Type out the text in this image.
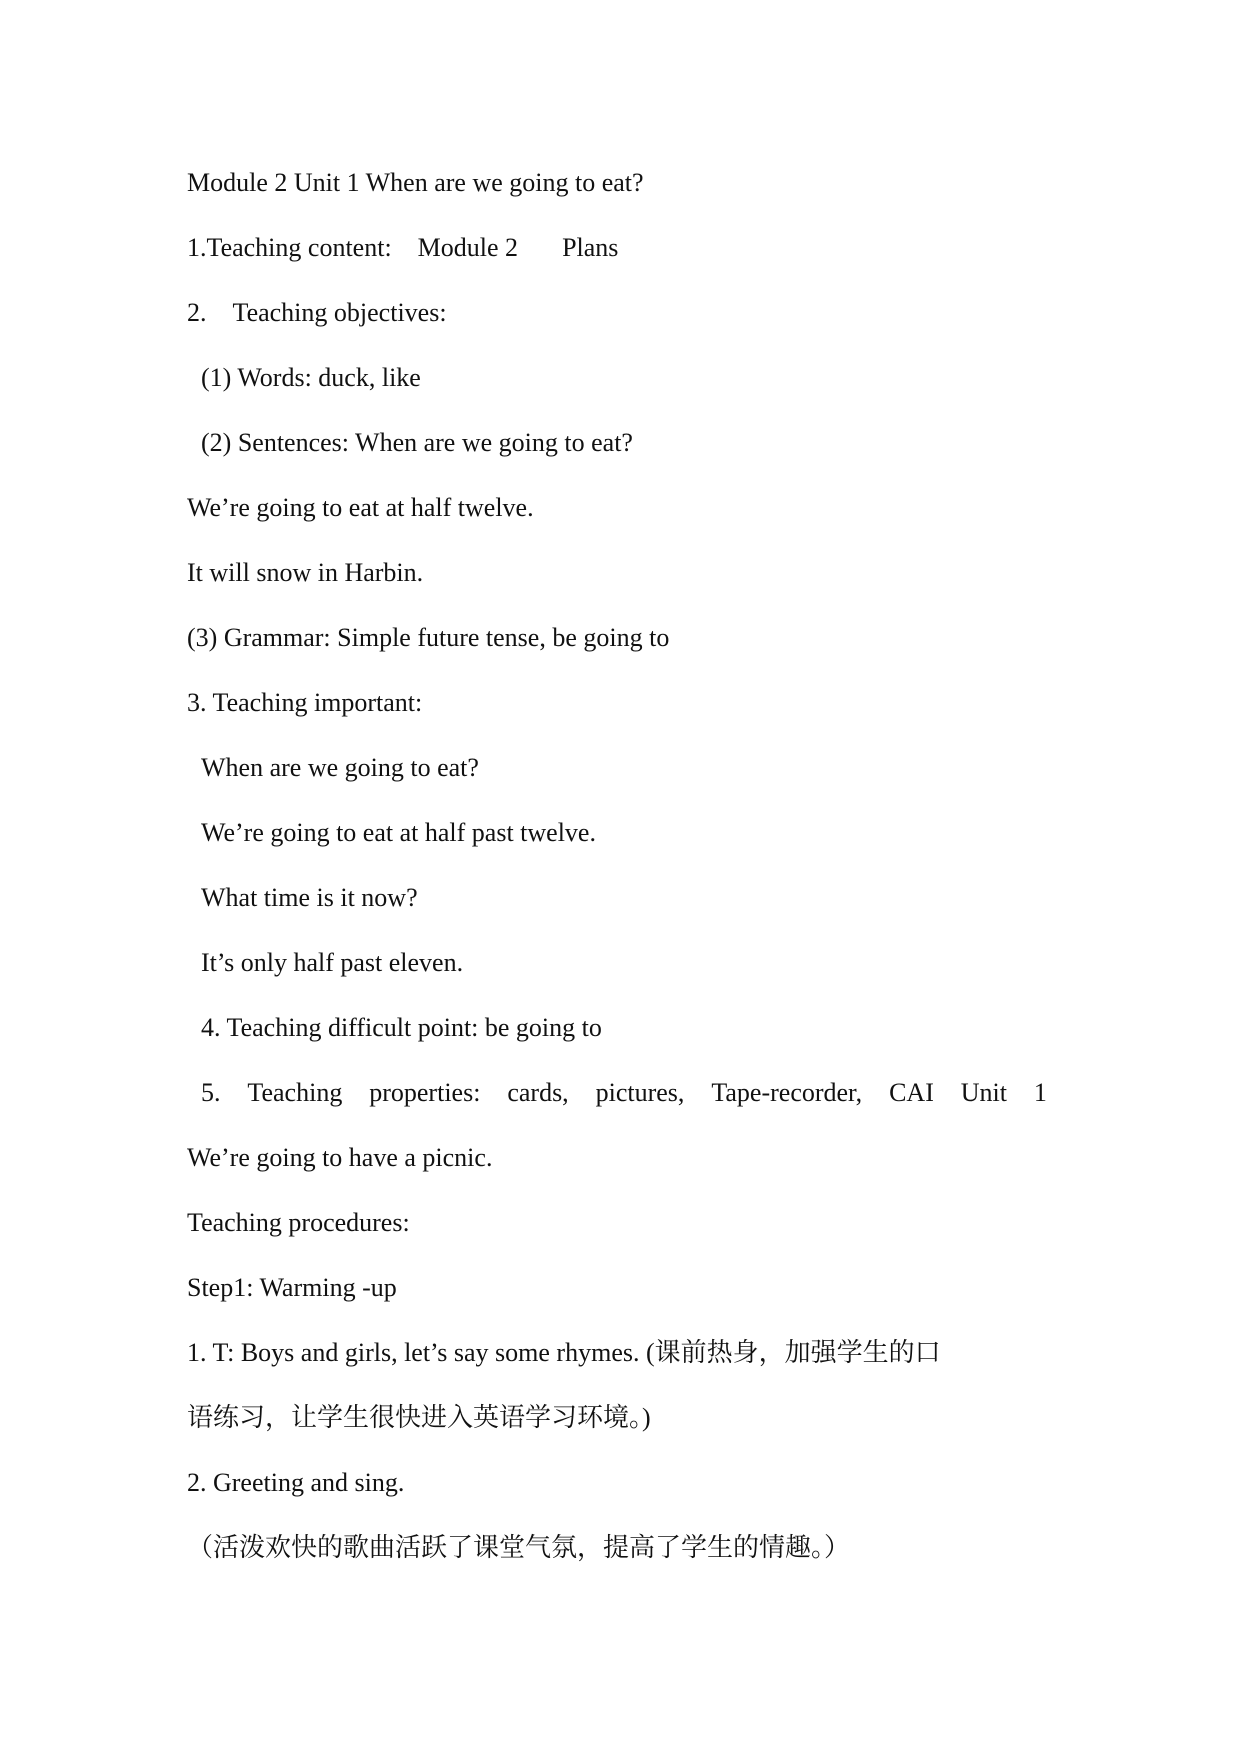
Module 2 Unit 1 When are we going to eat?
1.Teaching content: Module 2 Plans
2. Teaching objectives:
(1) Words: duck, like
(2) Sentences: When are we going to eat?
We’re going to eat at half twelve.
It will snow in Harbin.
(3) Grammar: Simple future tense, be going to
3. Teaching important:
When are we going to eat?
We’re going to eat at half past twelve.
What time is it now?
It’s only half past eleven.
4. Teaching difficult point: be going to
5. Teaching properties: cards, pictures, Tape-recorder, CAI Unit 1
We’re going to have a picnic.
Teaching procedures:
Step1: Warming -up
1. T: Boys and girls, let’s say some rhymes. (课前热身，加强学生的口
语练习，让学生很快进入英语学习环境。)
2. Greeting and sing.
（活泼欢快的歌曲活跃了课堂气氛，提高了学生的情趣。）
